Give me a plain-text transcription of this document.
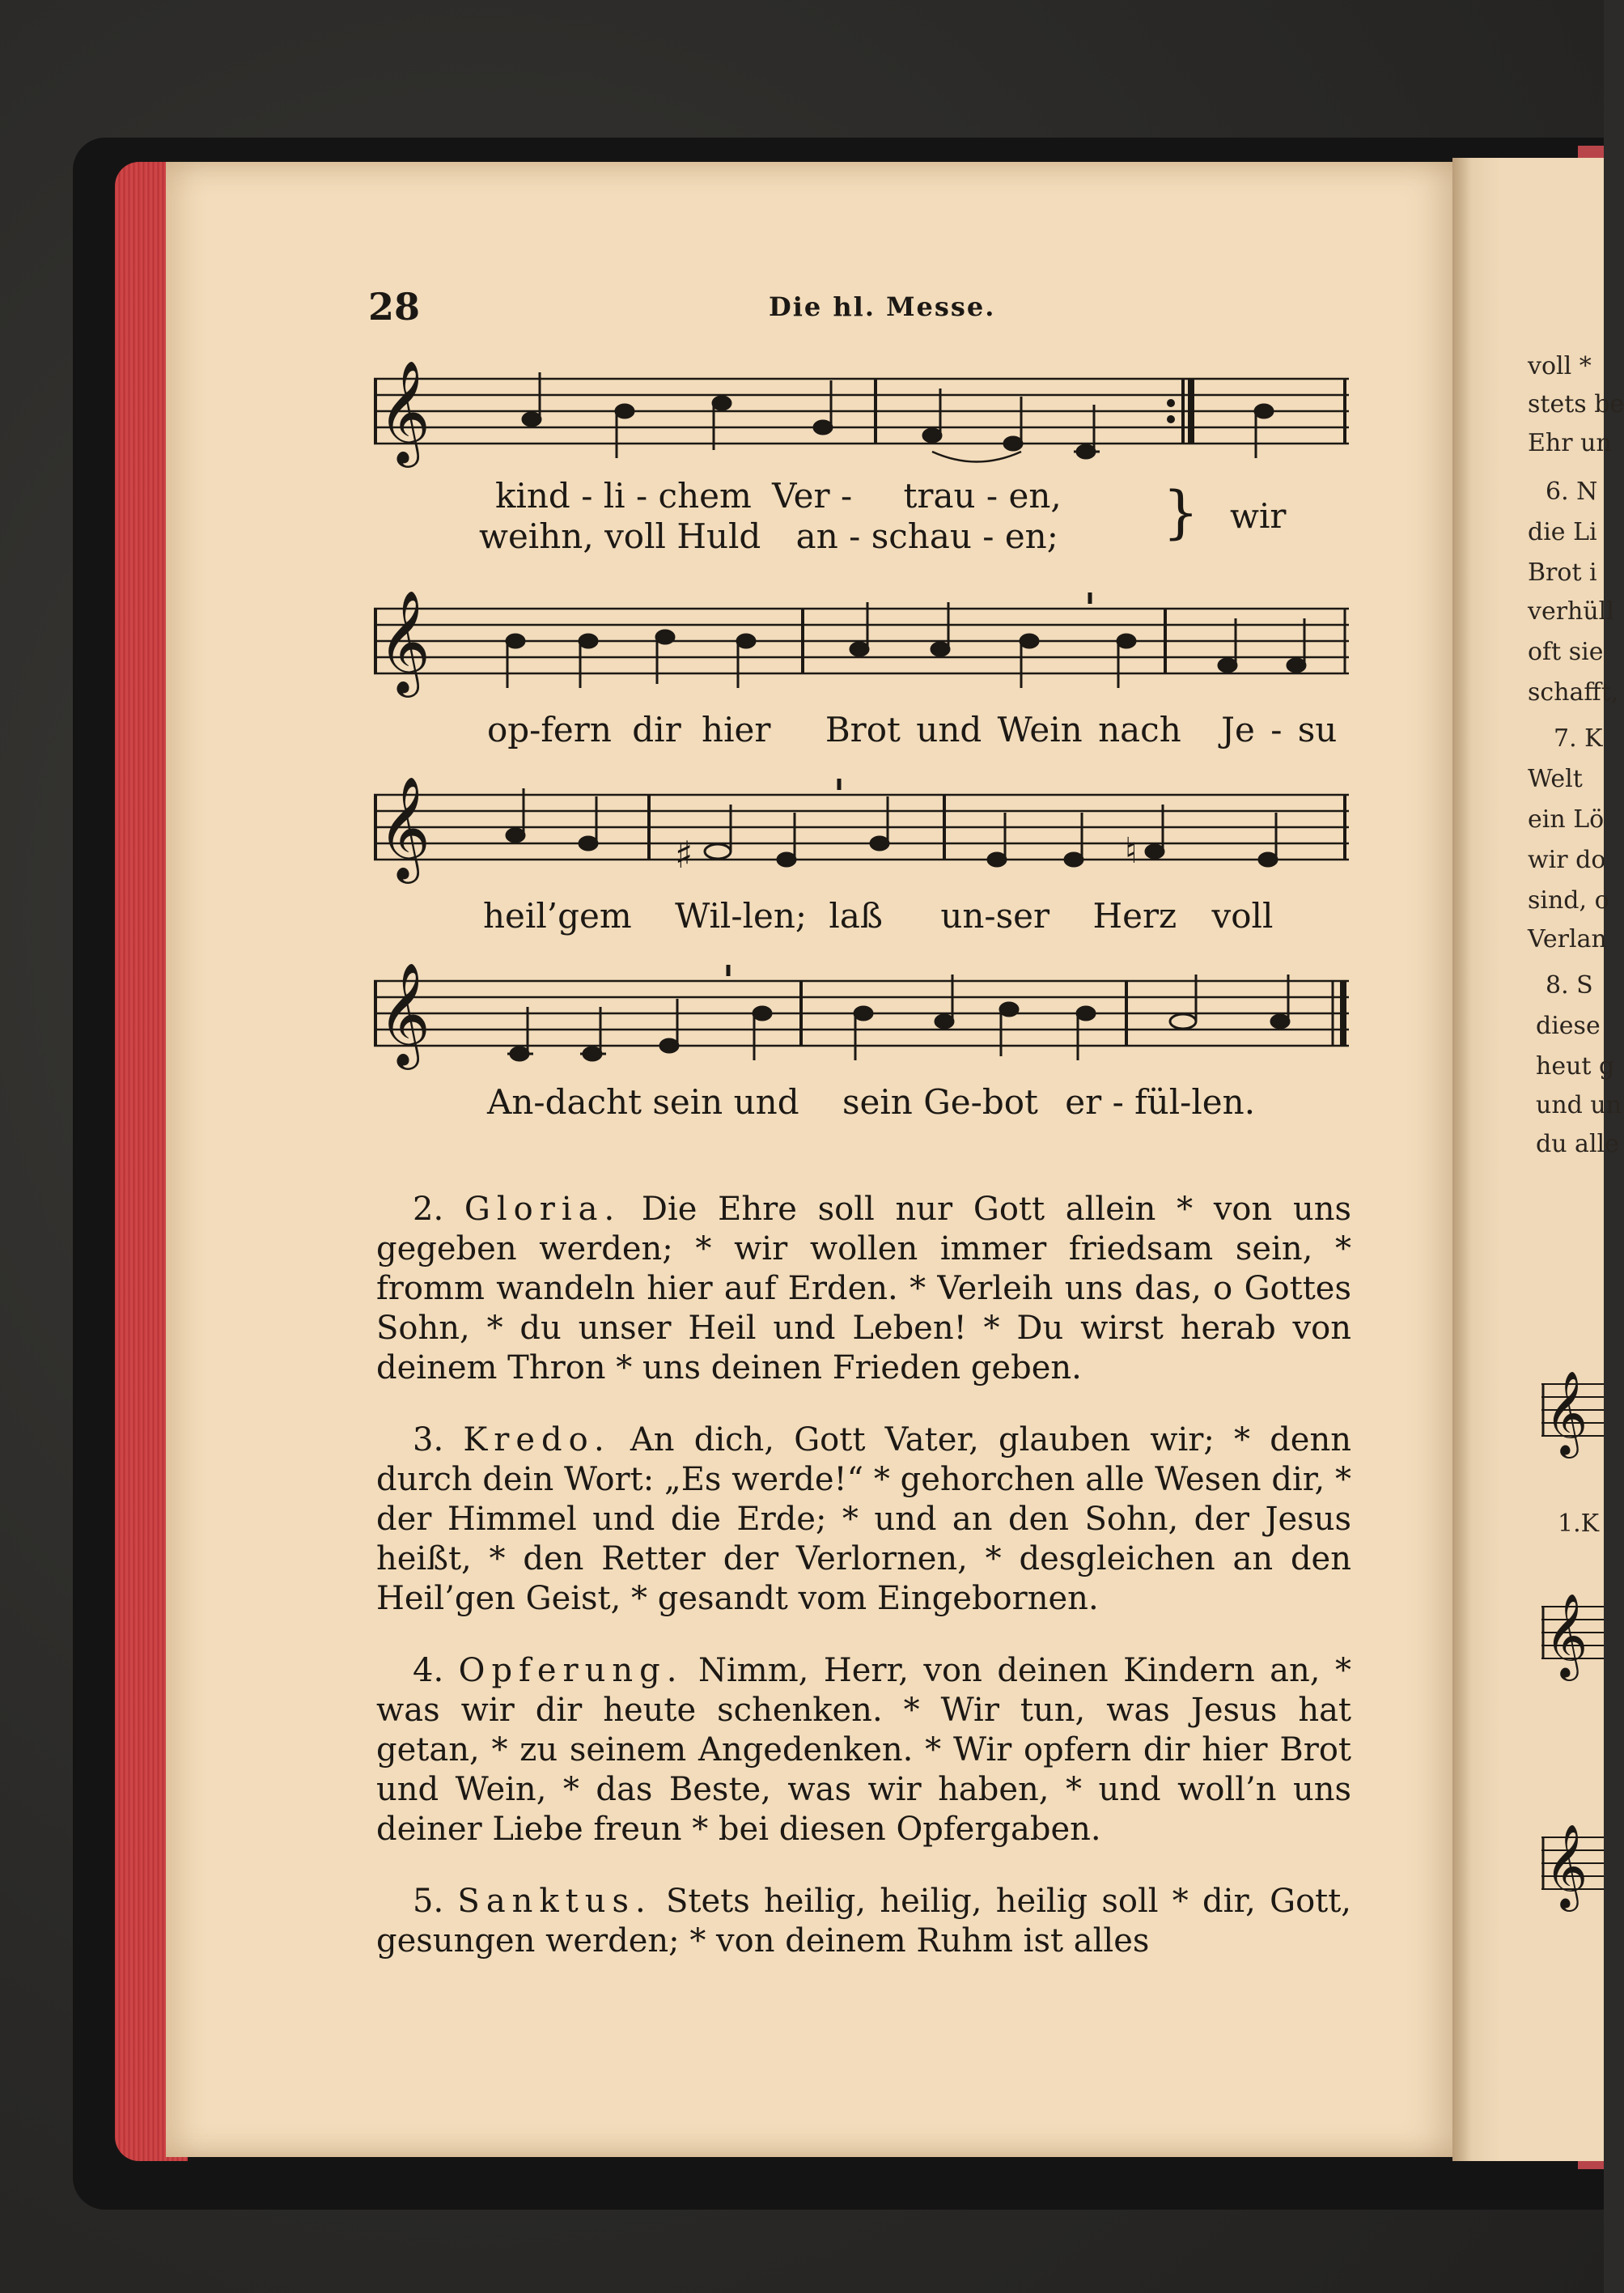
28	Die hl. Messe.
𝄞
kind - li - chem Ver - trau - en,
weihn, voll Huld an - schau - en; } wir
𝄞
op-fern dir hier Brot und Wein nach Je - su
𝄞	♯	♮
heil’gem Wil-len; laß un-ser Herz voll
𝄞
An-dacht sein und sein Ge-bot er - fül-len.

2. Gloria. Die Ehre soll nur Gott allein * von uns gegeben werden; * wir wollen immer friedsam sein, * fromm wandeln hier auf Erden. * Verleih uns das, o Gottes Sohn, * du unser Heil und Leben! * Du wirst herab von deinem Thron * uns deinen Frieden geben.

3. Kredo. An dich, Gott Vater, glauben wir; * denn durch dein Wort: „Es werde!“ * gehorchen alle Wesen dir, * der Himmel und die Erde; * und an den Sohn, der Jesus heißt, * den Retter der Verlornen, * desgleichen an den Heil’gen Geist, * gesandt vom Eingebornen.

4. Opferung. Nimm, Herr, von deinen Kindern an, * was wir dir heute schenken. * Wir tun, was Jesus hat getan, * zu seinem Angedenken. * Wir opfern dir hier Brot und Wein, * das Beste, was wir haben, * und woll’n uns deiner Liebe freun * bei diesen Opfergaben.

5. Sanktus. Stets heilig, heilig, heilig soll * dir, Gott, gesungen werden; * von deinem Ruhm ist alles

voll *
stets be
Ehr un
6. N
die Li
Brot i
verhüll
oft sie
schafft,
7. K
Welt
ein Lö
wir do
sind, o
Verlan
8. S
diese
heut g
und un
du alle
1.K
𝄞
𝄞
𝄞
